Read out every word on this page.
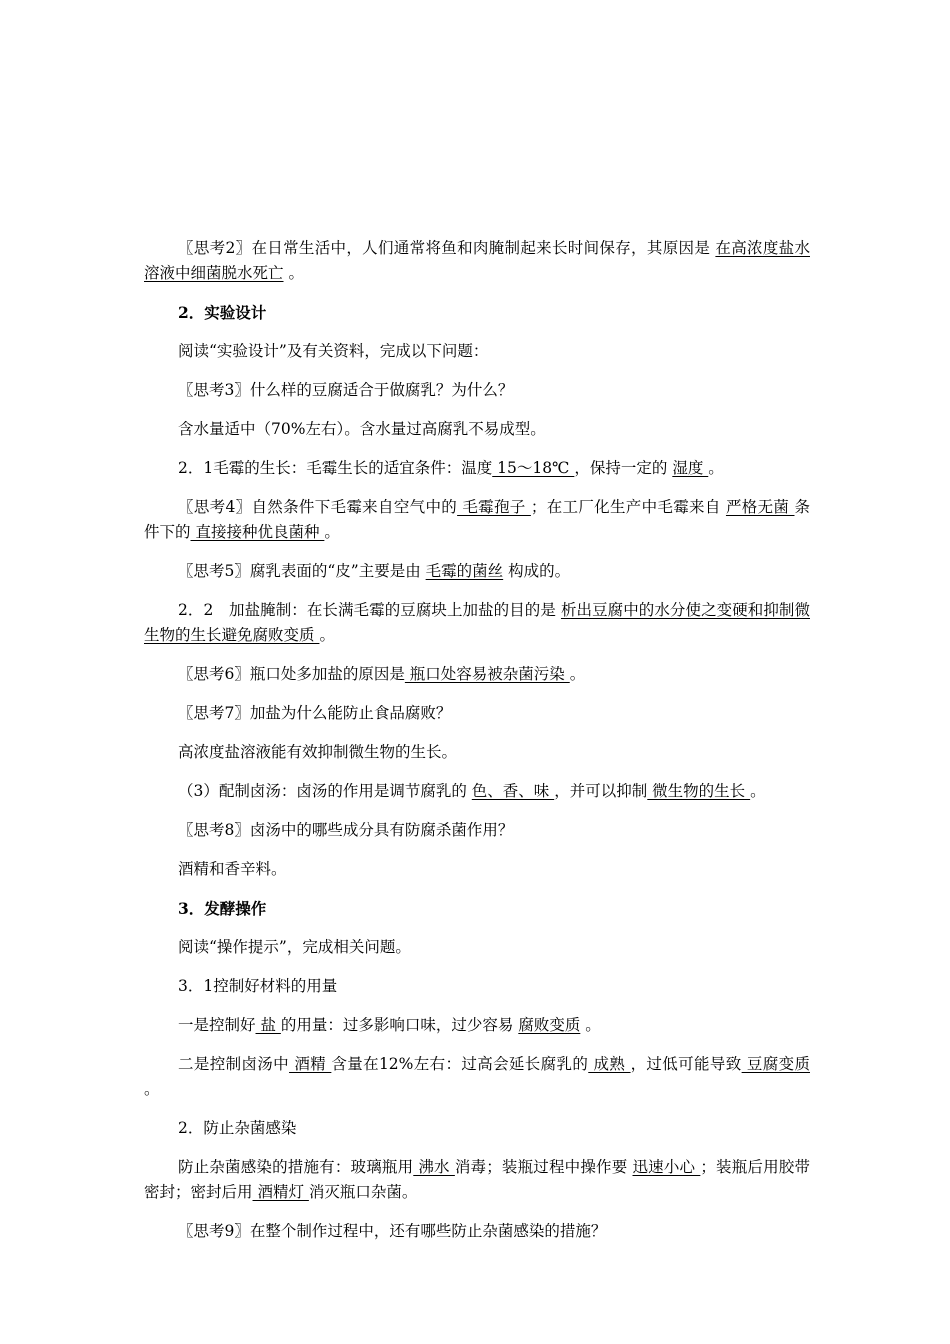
〖思考2〗在日常生活中，人们通常将鱼和肉腌制起来长时间保存，其原因是 在高浓度盐水溶液中细菌脱水死亡 。

2．实验设计

阅读“实验设计”及有关资料，完成以下问题：

〖思考3〗什么样的豆腐适合于做腐乳？为什么？

含水量适中（70%左右）。含水量过高腐乳不易成型。

2．1毛霉的生长：毛霉生长的适宜条件：温度 15～18℃ ，保持一定的 湿度 。

〖思考4〗自然条件下毛霉来自空气中的 毛霉孢子 ；在工厂化生产中毛霉来自 严格无菌 条件下的 直接接种优良菌种 。

〖思考5〗腐乳表面的“皮”主要是由 毛霉的菌丝 构成的。

2．2　加盐腌制：在长满毛霉的豆腐块上加盐的目的是 析出豆腐中的水分使之变硬和抑制微生物的生长避免腐败变质 。

〖思考6〗瓶口处多加盐的原因是 瓶口处容易被杂菌污染 。

〖思考7〗加盐为什么能防止食品腐败？

高浓度盐溶液能有效抑制微生物的生长。

（3）配制卤汤：卤汤的作用是调节腐乳的 色、香、味 ，并可以抑制 微生物的生长 。

〖思考8〗卤汤中的哪些成分具有防腐杀菌作用？

酒精和香辛料。

3．发酵操作

阅读“操作提示”，完成相关问题。

3．1控制好材料的用量

一是控制好 盐 的用量：过多影响口味，过少容易 腐败变质 。

二是控制卤汤中 酒精 含量在12%左右：过高会延长腐乳的 成熟 ，过低可能导致 豆腐变质 。

2．防止杂菌感染

防止杂菌感染的措施有：玻璃瓶用 沸水 消毒；装瓶过程中操作要 迅速小心 ；装瓶后用胶带密封；密封后用 酒精灯 消灭瓶口杂菌。

〖思考9〗在整个制作过程中，还有哪些防止杂菌感染的措施？
